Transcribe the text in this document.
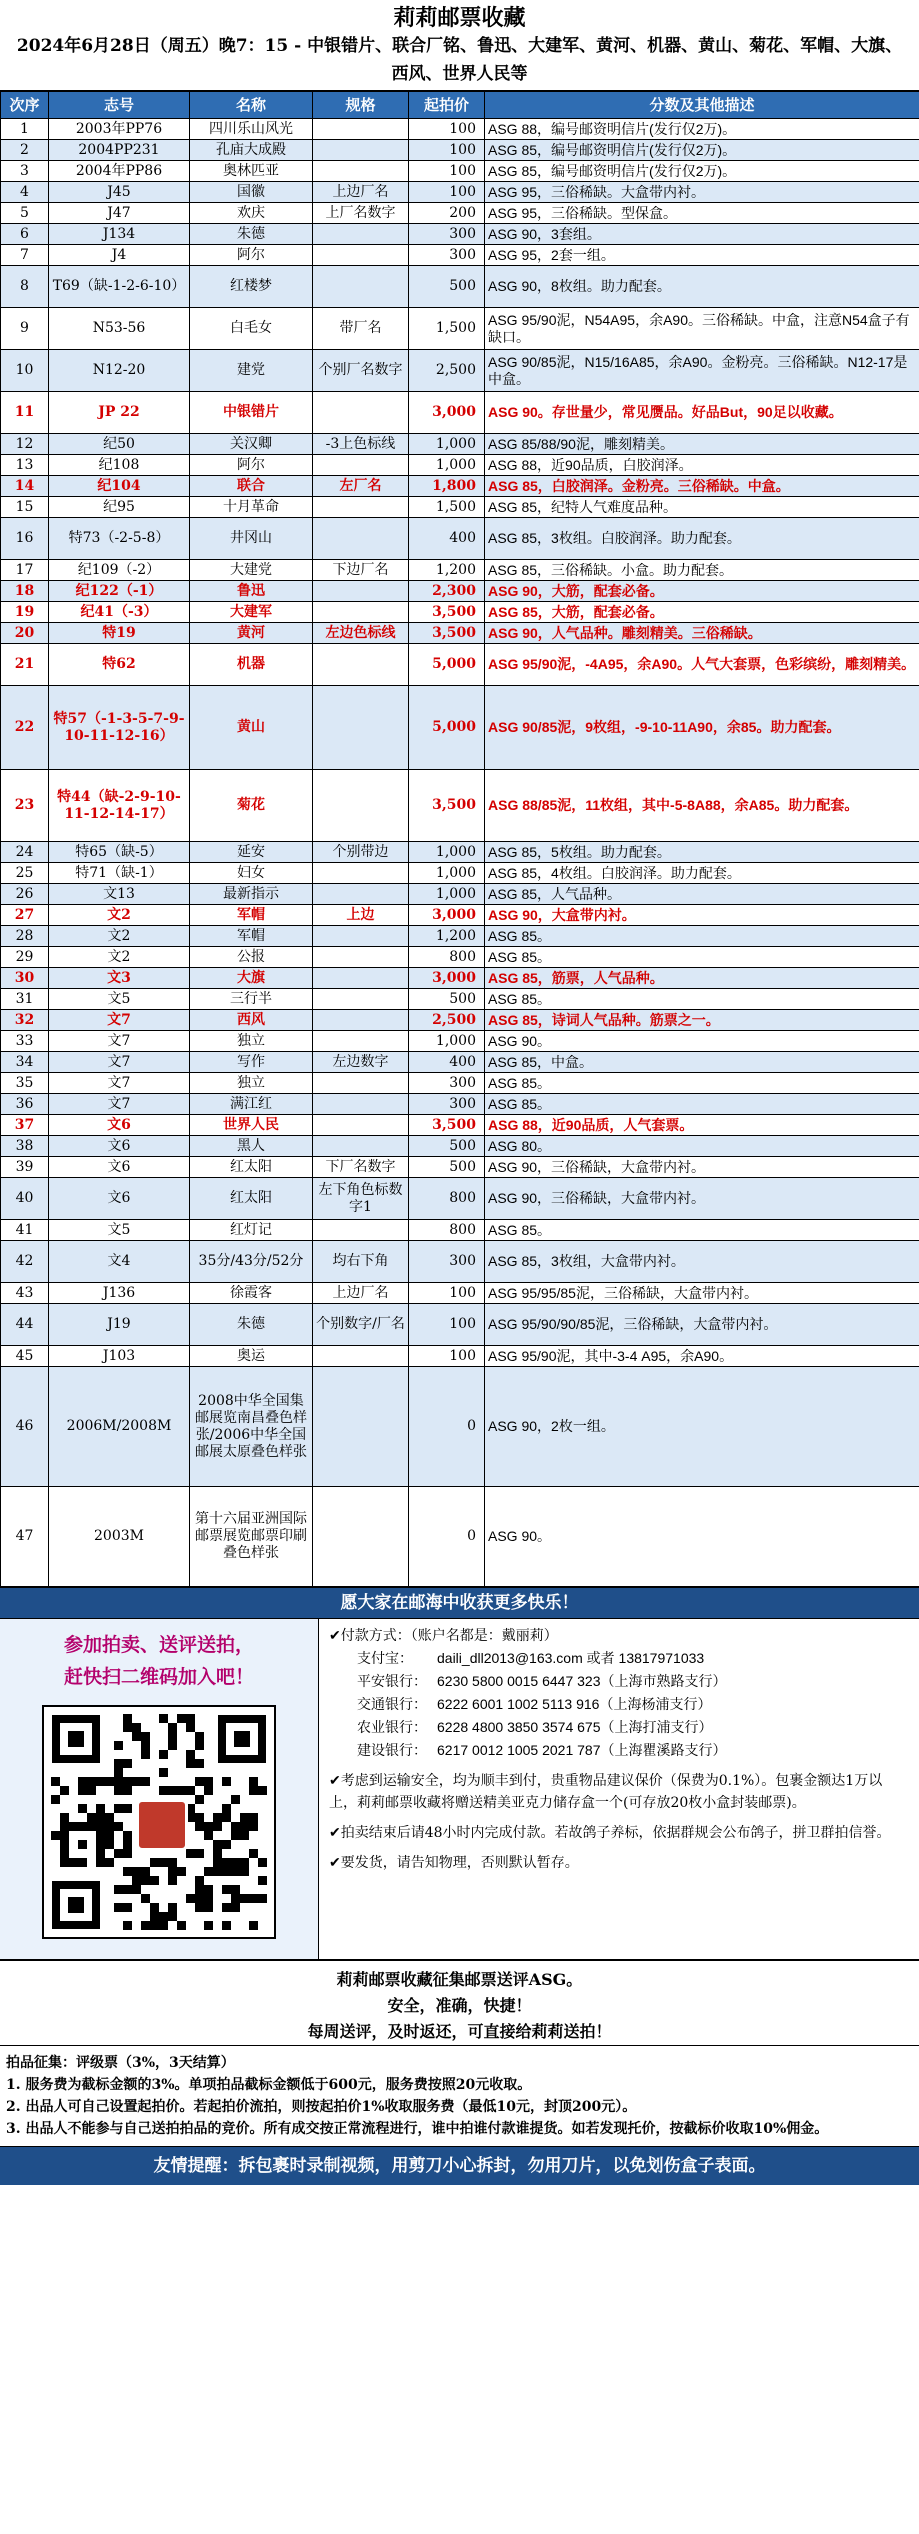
莉莉邮票收藏
2024年6月28日（周五）晚7：15 - 中银错片、联合厂铭、鲁迅、大建军、黄河、机器、黄山、菊花、军帽、大旗、西风、世界人民等
次序	志号	名称	规格	起拍价	分数及其他描述
1	2003年PP76	四川乐山风光		100	ASG 88，编号邮资明信片(发行仅2万)。
2	2004PP231	孔庙大成殿		100	ASG 85，编号邮资明信片(发行仅2万)。
3	2004年PP86	奥林匹亚		100	ASG 85，编号邮资明信片(发行仅2万)。
4	J45	国徽	上边厂名	100	ASG 95，三俗稀缺。大盒带内衬。
5	J47	欢庆	上厂名数字	200	ASG 95，三俗稀缺。型保盒。
6	J134	朱德		300	ASG 90，3套组。
7	J4	阿尔		300	ASG 95，2套一组。
8	T69（缺-1-2-6-10）	红楼梦		500	ASG 90，8枚组。助力配套。
9	N53-56	白毛女	带厂名	1,500	ASG 95/90泥，N54A95，余A90。三俗稀缺。中盒，注意N54盒子有缺口。
10	N12-20	建党	个别厂名数字	2,500	ASG 90/85泥，N15/16A85，余A90。金粉亮。三俗稀缺。N12-17是中盒。
11	JP 22	中银错片		3,000	ASG 90。存世量少，常见赝品。好品But，90足以收藏。
12	纪50	关汉卿	-3上色标线	1,000	ASG 85/88/90泥，雕刻精美。
13	纪108	阿尔		1,000	ASG 88，近90品质，白胶润泽。
14	纪104	联合	左厂名	1,800	ASG 85，白胶润泽。金粉亮。三俗稀缺。中盒。
15	纪95	十月革命		1,500	ASG 85，纪特人气难度品种。
16	特73（-2-5-8）	井冈山		400	ASG 85，3枚组。白胶润泽。助力配套。
17	纪109（-2）	大建党	下边厂名	1,200	ASG 85，三俗稀缺。小盒。助力配套。
18	纪122（-1）	鲁迅		2,300	ASG 90，大筋，配套必备。
19	纪41（-3）	大建军		3,500	ASG 85，大筋，配套必备。
20	特19	黄河	左边色标线	3,500	ASG 90，人气品种。雕刻精美。三俗稀缺。
21	特62	机器		5,000	ASG 95/90泥，-4A95，余A90。人气大套票，色彩缤纷，雕刻精美。
22	特57（-1-3-5-7-9-10-11-12-16）	黄山		5,000	ASG 90/85泥，9枚组，-9-10-11A90，余85。助力配套。
23	特44（缺-2-9-10-11-12-14-17）	菊花		3,500	ASG 88/85泥，11枚组，其中-5-8A88，余A85。助力配套。
24	特65（缺-5）	延安	个别带边	1,000	ASG 85，5枚组。助力配套。
25	特71（缺-1）	妇女		1,000	ASG 85，4枚组。白胶润泽。助力配套。
26	文13	最新指示		1,000	ASG 85，人气品种。
27	文2	军帽	上边	3,000	ASG 90，大盒带内衬。
28	文2	军帽		1,200	ASG 85。
29	文2	公报		800	ASG 85。
30	文3	大旗		3,000	ASG 85，筋票，人气品种。
31	文5	三行半		500	ASG 85。
32	文7	西风		2,500	ASG 85，诗词人气品种。筋票之一。
33	文7	独立		1,000	ASG 90。
34	文7	写作	左边数字	400	ASG 85，中盒。
35	文7	独立		300	ASG 85。
36	文7	满江红		300	ASG 85。
37	文6	世界人民		3,500	ASG 88，近90品质，人气套票。
38	文6	黑人		500	ASG 80。
39	文6	红太阳	下厂名数字	500	ASG 90，三俗稀缺，大盒带内衬。
40	文6	红太阳	左下角色标数字1	800	ASG 90，三俗稀缺，大盒带内衬。
41	文5	红灯记		800	ASG 85。
42	文4	35分/43分/52分	均右下角	300	ASG 85，3枚组，大盒带内衬。
43	J136	徐霞客	上边厂名	100	ASG 95/95/85泥，三俗稀缺，大盒带内衬。
44	J19	朱德	个别数字/厂名	100	ASG 95/90/90/85泥，三俗稀缺，大盒带内衬。
45	J103	奥运		100	ASG 95/90泥，其中-3-4 A95，余A90。
46	2006M/2008M	2008中华全国集邮展览南昌叠色样张/2006中华全国邮展太原叠色样张		0	ASG 90，2枚一组。
47	2003M	第十六届亚洲国际邮票展览邮票印刷叠色样张		0	ASG 90。
愿大家在邮海中收获更多快乐！
参加拍卖、送评送拍，
赶快扫二维码加入吧！
✔付款方式：（账户名都是：戴丽莉）
支付宝： daili_dll2013@163.com 或者 13817971033
平安银行： 6230 5800 0015 6447 323（上海市熟路支行）
交通银行： 6222 6001 1002 5113 916（上海杨浦支行）
农业银行： 6228 4800 3850 3574 675（上海打浦支行）
建设银行： 6217 0012 1005 2021 787（上海瞿溪路支行）
✔考虑到运输安全，均为顺丰到付，贵重物品建议保价（保费为0.1%）。包裹金额达1万以上，莉莉邮票收藏将赠送精美亚克力储存盒一个(可存放20枚小盒封装邮票)。
✔拍卖结束后请48小时内完成付款。若故鸽子养标，依据群规会公布鸽子，拼卫群拍信誉。
✔要发货，请告知物理，否则默认暂存。
莉莉邮票收藏征集邮票送评ASG。
安全，准确，快捷！
每周送评，及时返还，可直接给莉莉送拍！
拍品征集：评级票（3%，3天结算）
1. 服务费为截标金额的3%。单项拍品截标金额低于600元，服务费按照20元收取。
2. 出品人可自己设置起拍价。若起拍价流拍，则按起拍价1%收取服务费（最低10元，封顶200元）。
3. 出品人不能参与自己送拍拍品的竞价。所有成交按正常流程进行，谁中拍谁付款谁提货。如若发现托价，按截标价收取10%佣金。
友情提醒：拆包裹时录制视频，用剪刀小心拆封，勿用刀片，以免划伤盒子表面。
